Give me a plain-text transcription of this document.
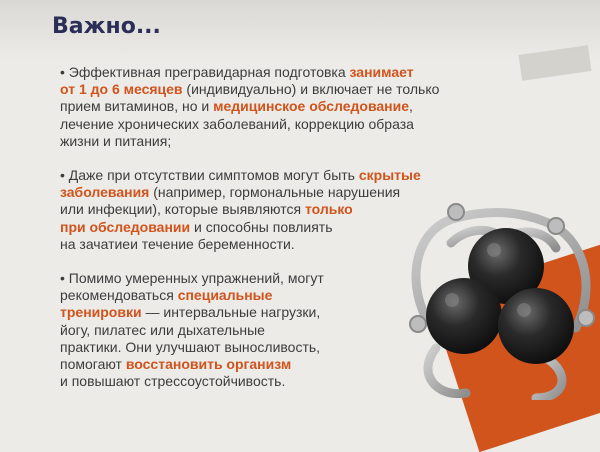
Важно...

• Эффективная прегравидарная подготовка занимает
от 1 до 6 месяцев (индивидуально) и включает не только
прием витаминов, но и медицинское обследование,
лечение хронических заболеваний, коррекцию образа
жизни и питания;

• Даже при отсутствии симптомов могут быть скрытые
заболевания (например, гормональные нарушения
или инфекции), которые выявляются только
при обследовании и способны повлиять
на зачатиеи течение беременности.

• Помимо умеренных упражнений, могут
рекомендоваться специальные
тренировки — интервальные нагрузки,
йогу, пилатес или дыхательные
практики. Они улучшают выносливость,
помогают восстановить организм
и повышают стрессоустойчивость.
